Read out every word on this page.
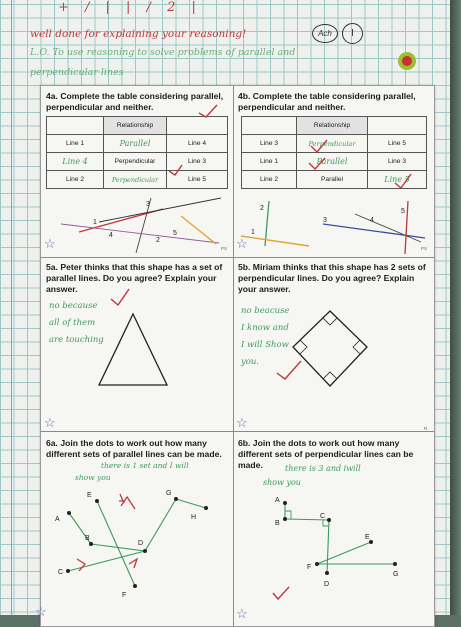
+ / | | / 2 |
well done for explaining your reasoning!	Ach	I
L.O. To use reasoning to solve problems of parallel and
perpendicular lines
4a. Complete the table considering parallel, perpendicular and neither.
	Relationship	
Line 1	Parallel	Line 4
Line 4	Perpendicular	Line 3
Line 2	Perpendicular	Line 5
1
2
3
4	5
☆	PS
4b. Complete the table considering parallel, perpendicular and neither.
	Relationship	
Line 3	Perpendicular	Line 5
Line 1	Parallel	Line 3
Line 2	Parallel	Line 5
1
2
3	4
5
☆	PS
5a. Peter thinks that this shape has a set of parallel lines. Do you agree? Explain your answer.
no because
all of them
are touching
☆
5b. Miriam thinks that this shape has 2 sets of perpendicular lines. Do you agree? Explain your answer.
no beacuse
I know and
I will Show
you.
☆	R
6a. Join the dots to work out how many different sets of parallel lines can be made.
there is 1 set and I will
show you
A
B
C
D
E
F
G
H
☆
6b. Join the dots to work out how many different sets of perpendicular lines can be made.	there is 3 and iwill
show you
A
B
C
D
E
F
G
☆
